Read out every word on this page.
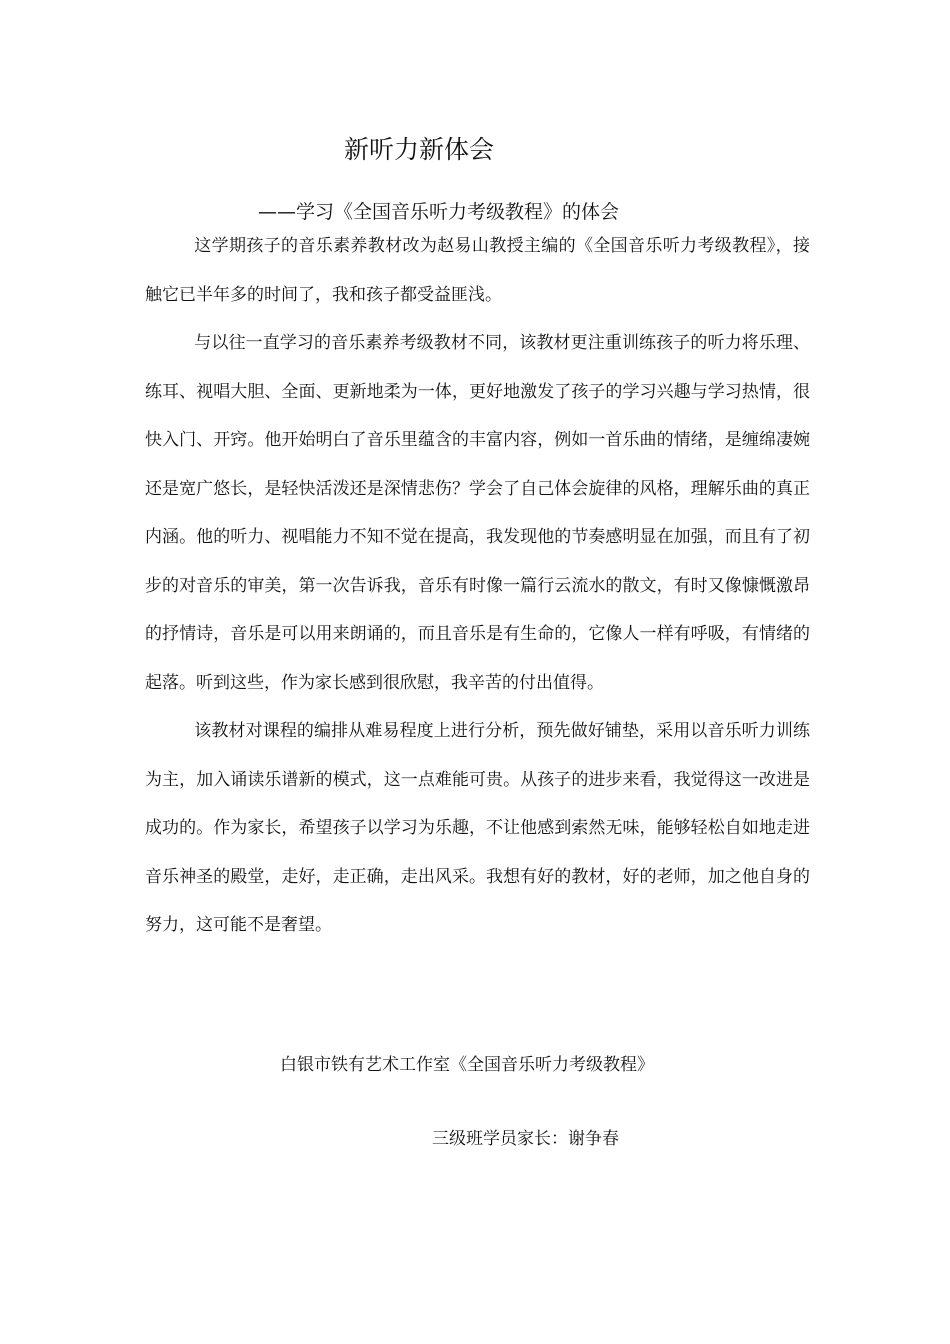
新听力新体会
——学习《全国音乐听力考级教程》的体会

这学期孩子的音乐素养教材改为赵易山教授主编的《全国音乐听力考级教程》，接触它已半年多的时间了，我和孩子都受益匪浅。

与以往一直学习的音乐素养考级教材不同，该教材更注重训练孩子的听力将乐理、练耳、视唱大胆、全面、更新地柔为一体，更好地激发了孩子的学习兴趣与学习热情，很快入门、开窍。他开始明白了音乐里蕴含的丰富内容，例如一首乐曲的情绪，是缠绵凄婉还是宽广悠长，是轻快活泼还是深情悲伤？学会了自己体会旋律的风格，理解乐曲的真正内涵。他的听力、视唱能力不知不觉在提高，我发现他的节奏感明显在加强，而且有了初步的对音乐的审美，第一次告诉我，音乐有时像一篇行云流水的散文，有时又像慷慨激昂的抒情诗，音乐是可以用来朗诵的，而且音乐是有生命的，它像人一样有呼吸，有情绪的起落。听到这些，作为家长感到很欣慰，我辛苦的付出值得。

该教材对课程的编排从难易程度上进行分析，预先做好铺垫，采用以音乐听力训练为主，加入诵读乐谱新的模式，这一点难能可贵。从孩子的进步来看，我觉得这一改进是成功的。作为家长，希望孩子以学习为乐趣，不让他感到索然无味，能够轻松自如地走进音乐神圣的殿堂，走好，走正确，走出风采。我想有好的教材，好的老师，加之他自身的努力，这可能不是奢望。

白银市铁有艺术工作室《全国音乐听力考级教程》
三级班学员家长：谢争春
